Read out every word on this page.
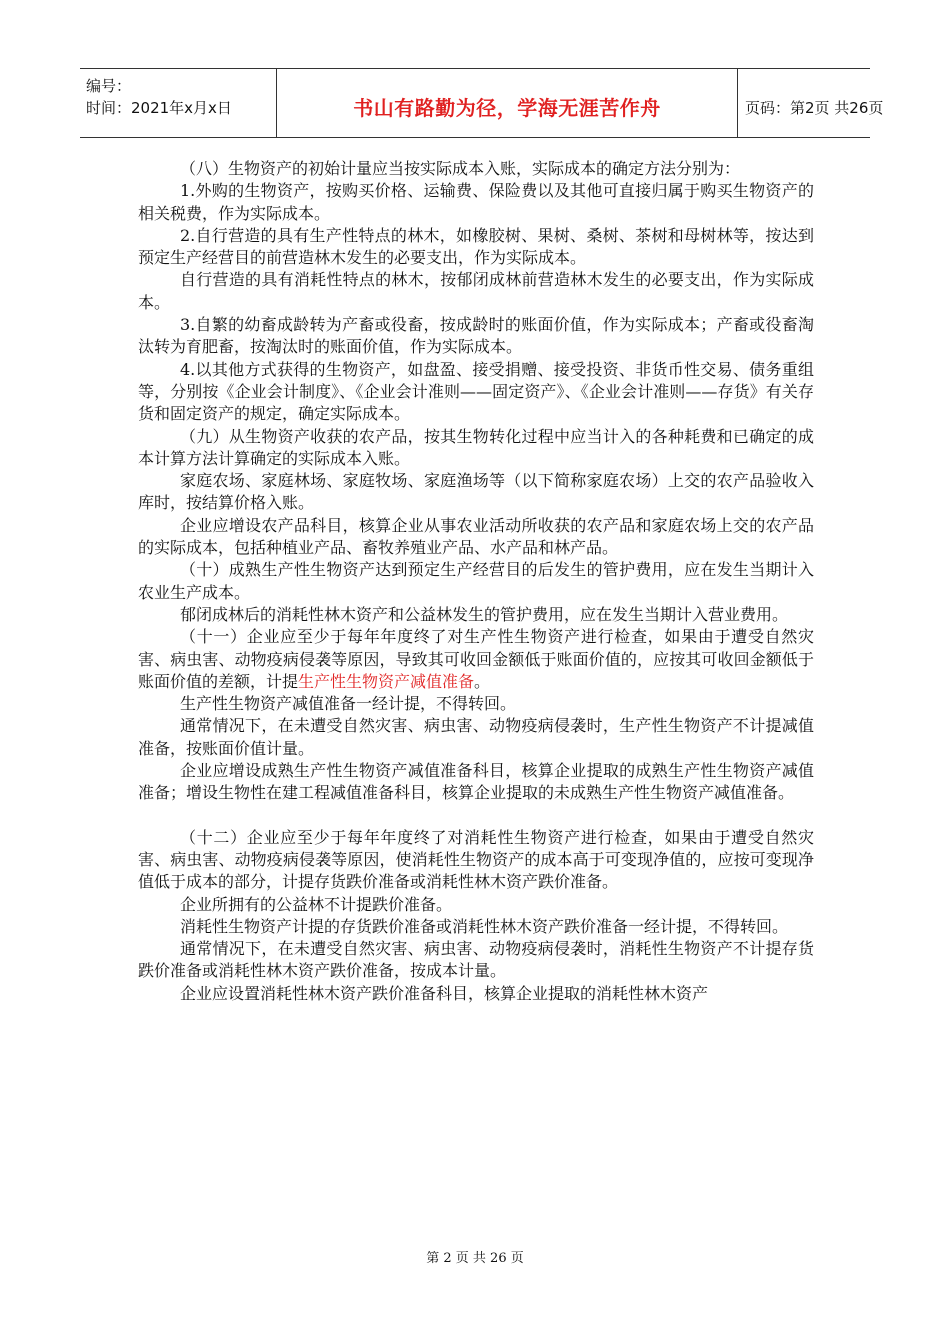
编号：
时间：2021年x月x日	书山有路勤为径，学海无涯苦作舟	页码：第2页 共26页

（八）生物资产的初始计量应当按实际成本入账，实际成本的确定方法分别为：

1.外购的生物资产，按购买价格、运输费、保险费以及其他可直接归属于购买生物资产的相关税费，作为实际成本。

2.自行营造的具有生产性特点的林木，如橡胶树、果树、桑树、茶树和母树林等，按达到预定生产经营目的前营造林木发生的必要支出，作为实际成本。

自行营造的具有消耗性特点的林木，按郁闭成林前营造林木发生的必要支出，作为实际成本。

3.自繁的幼畜成龄转为产畜或役畜，按成龄时的账面价值，作为实际成本；产畜或役畜淘汰转为育肥畜，按淘汰时的账面价值，作为实际成本。

4.以其他方式获得的生物资产，如盘盈、接受捐赠、接受投资、非货币性交易、债务重组等，分别按《企业会计制度》、《企业会计准则——固定资产》、《企业会计准则——存货》有关存货和固定资产的规定，确定实际成本。

（九）从生物资产收获的农产品，按其生物转化过程中应当计入的各种耗费和已确定的成本计算方法计算确定的实际成本入账。

家庭农场、家庭林场、家庭牧场、家庭渔场等（以下简称家庭农场）上交的农产品验收入库时，按结算价格入账。

企业应增设农产品科目，核算企业从事农业活动所收获的农产品和家庭农场上交的农产品的实际成本，包括种植业产品、畜牧养殖业产品、水产品和林产品。

（十）成熟生产性生物资产达到预定生产经营目的后发生的管护费用，应在发生当期计入农业生产成本。

郁闭成林后的消耗性林木资产和公益林发生的管护费用，应在发生当期计入营业费用。

（十一）企业应至少于每年年度终了对生产性生物资产进行检查，如果由于遭受自然灾害、病虫害、动物疫病侵袭等原因，导致其可收回金额低于账面价值的，应按其可收回金额低于账面价值的差额，计提生产性生物资产减值准备。

生产性生物资产减值准备一经计提，不得转回。

通常情况下，在未遭受自然灾害、病虫害、动物疫病侵袭时，生产性生物资产不计提减值准备，按账面价值计量。

企业应增设成熟生产性生物资产减值准备科目，核算企业提取的成熟生产性生物资产减值准备；增设生物性在建工程减值准备科目，核算企业提取的未成熟生产性生物资产减值准备。

（十二）企业应至少于每年年度终了对消耗性生物资产进行检查，如果由于遭受自然灾害、病虫害、动物疫病侵袭等原因，使消耗性生物资产的成本高于可变现净值的，应按可变现净值低于成本的部分，计提存货跌价准备或消耗性林木资产跌价准备。

企业所拥有的公益林不计提跌价准备。

消耗性生物资产计提的存货跌价准备或消耗性林木资产跌价准备一经计提，不得转回。

通常情况下，在未遭受自然灾害、病虫害、动物疫病侵袭时，消耗性生物资产不计提存货跌价准备或消耗性林木资产跌价准备，按成本计量。

企业应设置消耗性林木资产跌价准备科目，核算企业提取的消耗性林木资产

第 2 页 共 26 页
